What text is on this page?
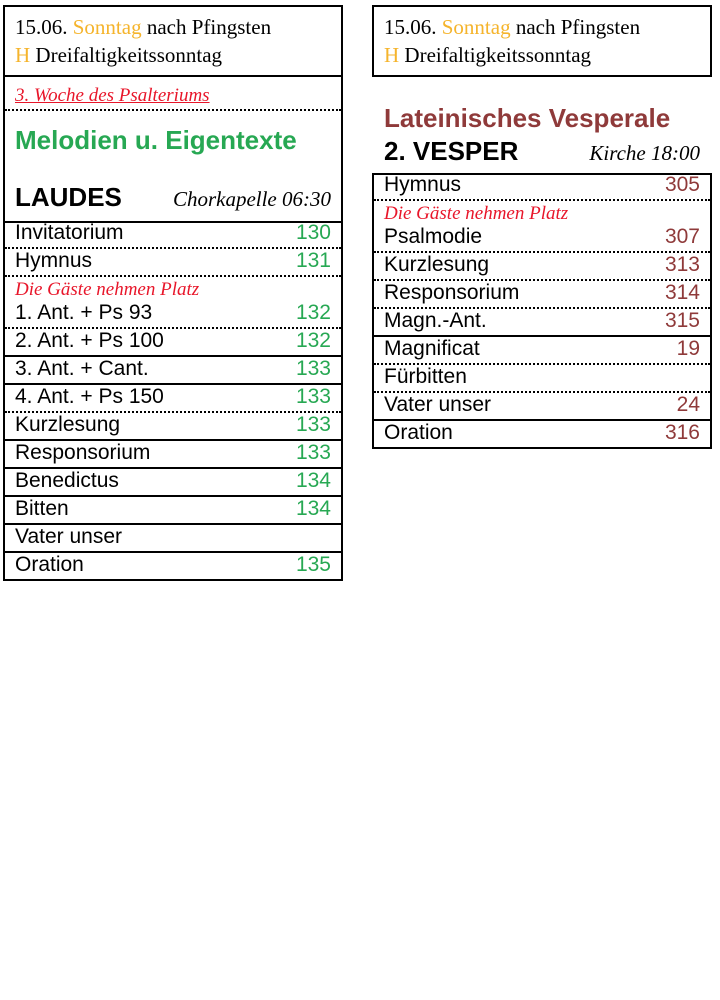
15.06. Sonntag nach Pfingsten
H Dreifaltigkeitssonntag
3. Woche des Psalteriums
Melodien u. Eigentexte
LAUDES Chorkapelle 06:30
Invitatorium	130
Hymnus	131
Die Gäste nehmen Platz
1. Ant. + Ps 93	132
2. Ant. + Ps 100	132
3. Ant. + Cant.	133
4. Ant. + Ps 150	133
Kurzlesung	133
Responsorium	133
Benedictus	134
Bitten	134
Vater unser
Oration	135
15.06. Sonntag nach Pfingsten
H Dreifaltigkeitssonntag
Lateinisches Vesperale
2. VESPER	Kirche 18:00
Hymnus	305
Die Gäste nehmen Platz
Psalmodie	307
Kurzlesung	313
Responsorium	314
Magn.-Ant.	315
Magnificat	19
Fürbitten
Vater unser	24
Oration	316
